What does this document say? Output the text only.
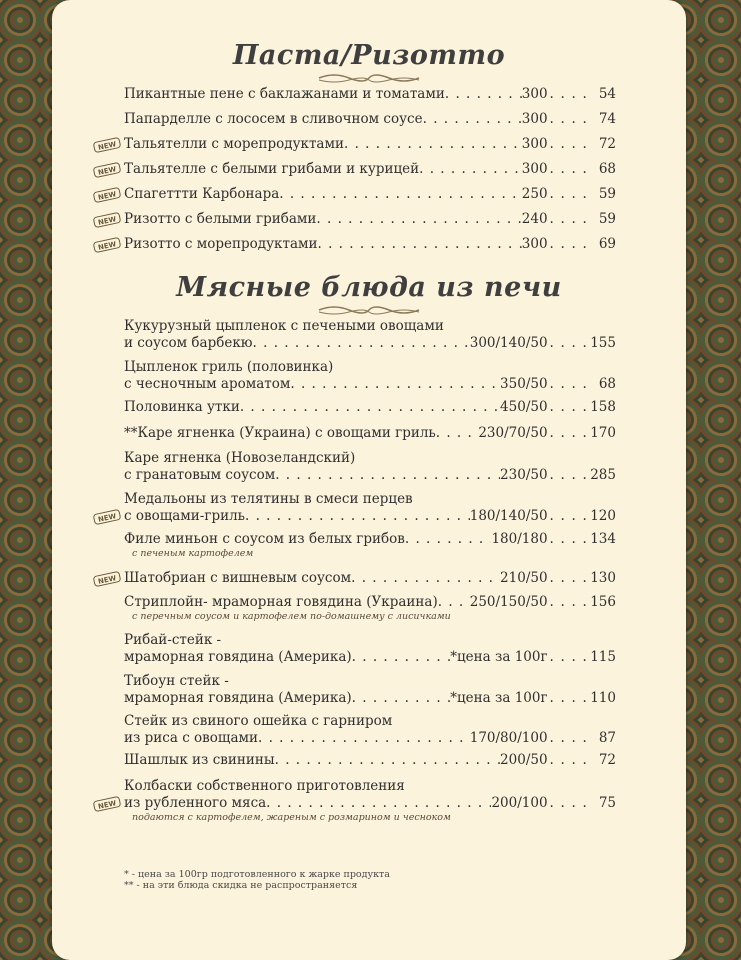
Паста/Ризотто
Мясные блюда из печи
* - цена за 100гр подготовленного к жарке продукта
** - на эти блюда скидка не распространяется
Пикантные пене с баклажанами и томатами . . .	300 . . . . 54
Папарделле с лососем в сливочном соусе . . .	300 . . . . 74
NEW Тальятелли с морепродуктами . . .	300 . . . . 72
NEW Тальятелле с белыми грибами и курицей . . .	300 . . . . 68
NEW Спагеттти Карбонара . . .	250 . . . . 59
NEW Ризотто с белыми грибами . . .	240 . . . . 59
NEW Ризотто с морепродуктами . . .	300 . . . . 69
Кукурузный цыпленок с печеными овощами
и соусом барбекю . . .	300/140/50 . . . . 155
Цыпленок гриль (половинка)
с чесночным ароматом . . .	350/50 . . . . 68
Половинка утки . . .	450/50 . . . . 158
**Каре ягненка (Украина) с овощами гриль . . .	230/70/50 . . . . 170
Каре ягненка (Новозеландский)
с гранатовым соусом . . .	230/50 . . . . 285
NEW
Медальоны из телятины в смеси перцев
с овощами-гриль . . .	180/140/50 . . . . 120
Филе миньон с соусом из белых грибов . . .	180/180 . . . . 134
с печеным картофелем
NEW Шатобриан с вишневым соусом . . .	210/50 . . . . 130
Стриплойн- мраморная говядина (Украина) . . . 250/150/50 . . . . 156
с перечным соусом и картофелем по-домашнему с лисичками
Рибай-стейк -
мраморная говядина (Америка) . . .	*цена за 100г . . . . 115
Тибоун стейк -
мраморная говядина (Америка) . . .	*цена за 100г . . . . 110
Стейк из свиного ошейка с гарниром
из риса с овощами . . .	170/80/100 . . . . 87
Шашлык из свинины . . .	200/50 . . . . 72
NEW
Колбаски собственного приготовления
из рубленного мяса . . .	200/100 . . . . 75
подаются с картофелем, жареным с розмарином и чесноком
